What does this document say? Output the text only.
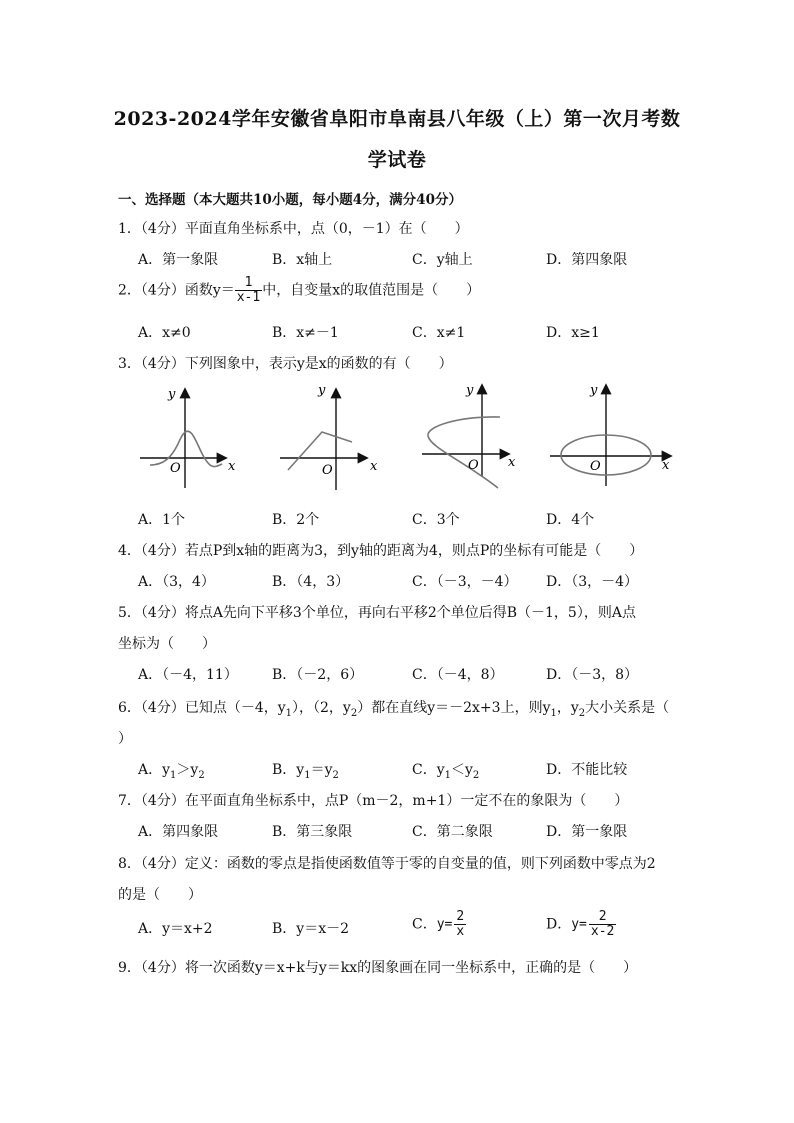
2023-2024学年安徽省阜阳市阜南县八年级（上）第一次月考数
学试卷
一、选择题（本大题共10小题，每小题4分，满分40分）
1．（4分）平面直角坐标系中，点（0，－1）在（　　）
A．第一象限	B．x轴上	C．y轴上	D．第四象限
2．（4分）函数$y= \frac{1}{x-1}$ 中，自变量x的取值范围是（　　）
A．x≠0	B．x≠－1	C．x≠1	D．x≥1
3．（4分）下列图象中，表示y是x的函数的有（　　）
y
x
O
y
x
O
y
x
O
y
x
O
A．1个	B．2个	C．3个	D．4个
4．（4分）若点P到x轴的距离为3，到y轴的距离为4，则点P的坐标有可能是（　　）
A．（3，4）	B．（4，3）	C．（－3，－4） D．（3，－4）
5．（4分）将点A先向下平移3个单位，再向右平移2个单位后得B（－1，5），则A点
坐标为（　　）
A．（－4，11） B．（－2，6）	C．（－4，8）	D．（－3，8）
6．（4分）已知点（－4，$y_1$），（2，$y_2$）都在直线y＝－2x+3上，则$y_1$，$y_2$大小关系是（
）
A．$y_1>y_2$	B．$y_1=y_2$	C．$y_1<y_2$	D．不能比较
7．（4分）在平面直角坐标系中，点P（m－2，m+1）一定不在的象限为（　　）
A．第四象限	B．第三象限	C．第二象限	D．第一象限
8．（4分）定义：函数的零点是指使函数值等于零的自变量的值，则下列函数中零点为2
的是（　　）
A．y＝x+2	B．y＝x－2	C．$y= \frac{2}{x}$	D．$y= \frac{2}{x-2}$
9．（4分）将一次函数y＝x+k与y＝kx的图象画在同一坐标系中，正确的是（　　）
